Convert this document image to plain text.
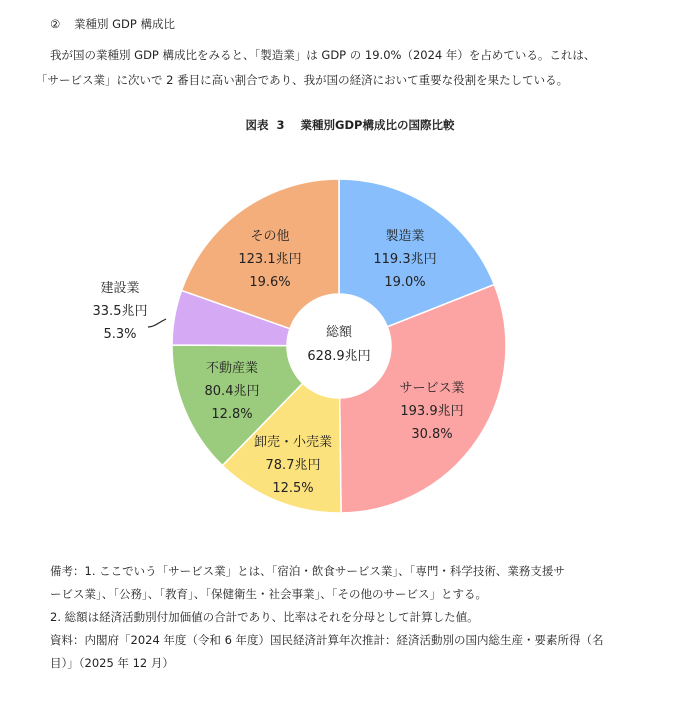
② 業種別 GDP 構成比

我が国の業種別 GDP 構成比をみると、「製造業」は GDP の 19.0%（2024 年）を占めている。これは、

「サービス業」に次いで 2 番目に高い割合であり、我が国の経済において重要な役割を果たしている。

図表 3 業種別GDP構成比の国際比較
製造業 119.3兆円 19.0%
サービス業 193.9兆円 30.8%
卸売・小売業 78.7兆円 12.5%
不動産業 80.4兆円 12.8%
建設業 33.5兆円 5.3%
その他 123.1兆円 19.6%
総額
628.9兆円

備考：1. ここでいう「サービス業」とは、「宿泊・飲食サービス業」、「専門・科学技術、業務支援サ

ービス業」、「公務」、「教育」、「保健衛生・社会事業」、「その他のサービス」とする。

2. 総額は経済活動別付加価値の合計であり、比率はそれを分母として計算した値。

資料：内閣府「2024 年度（令和 6 年度）国民経済計算年次推計：経済活動別の国内総生産・要素所得（名

目）」（2025 年 12 月）
